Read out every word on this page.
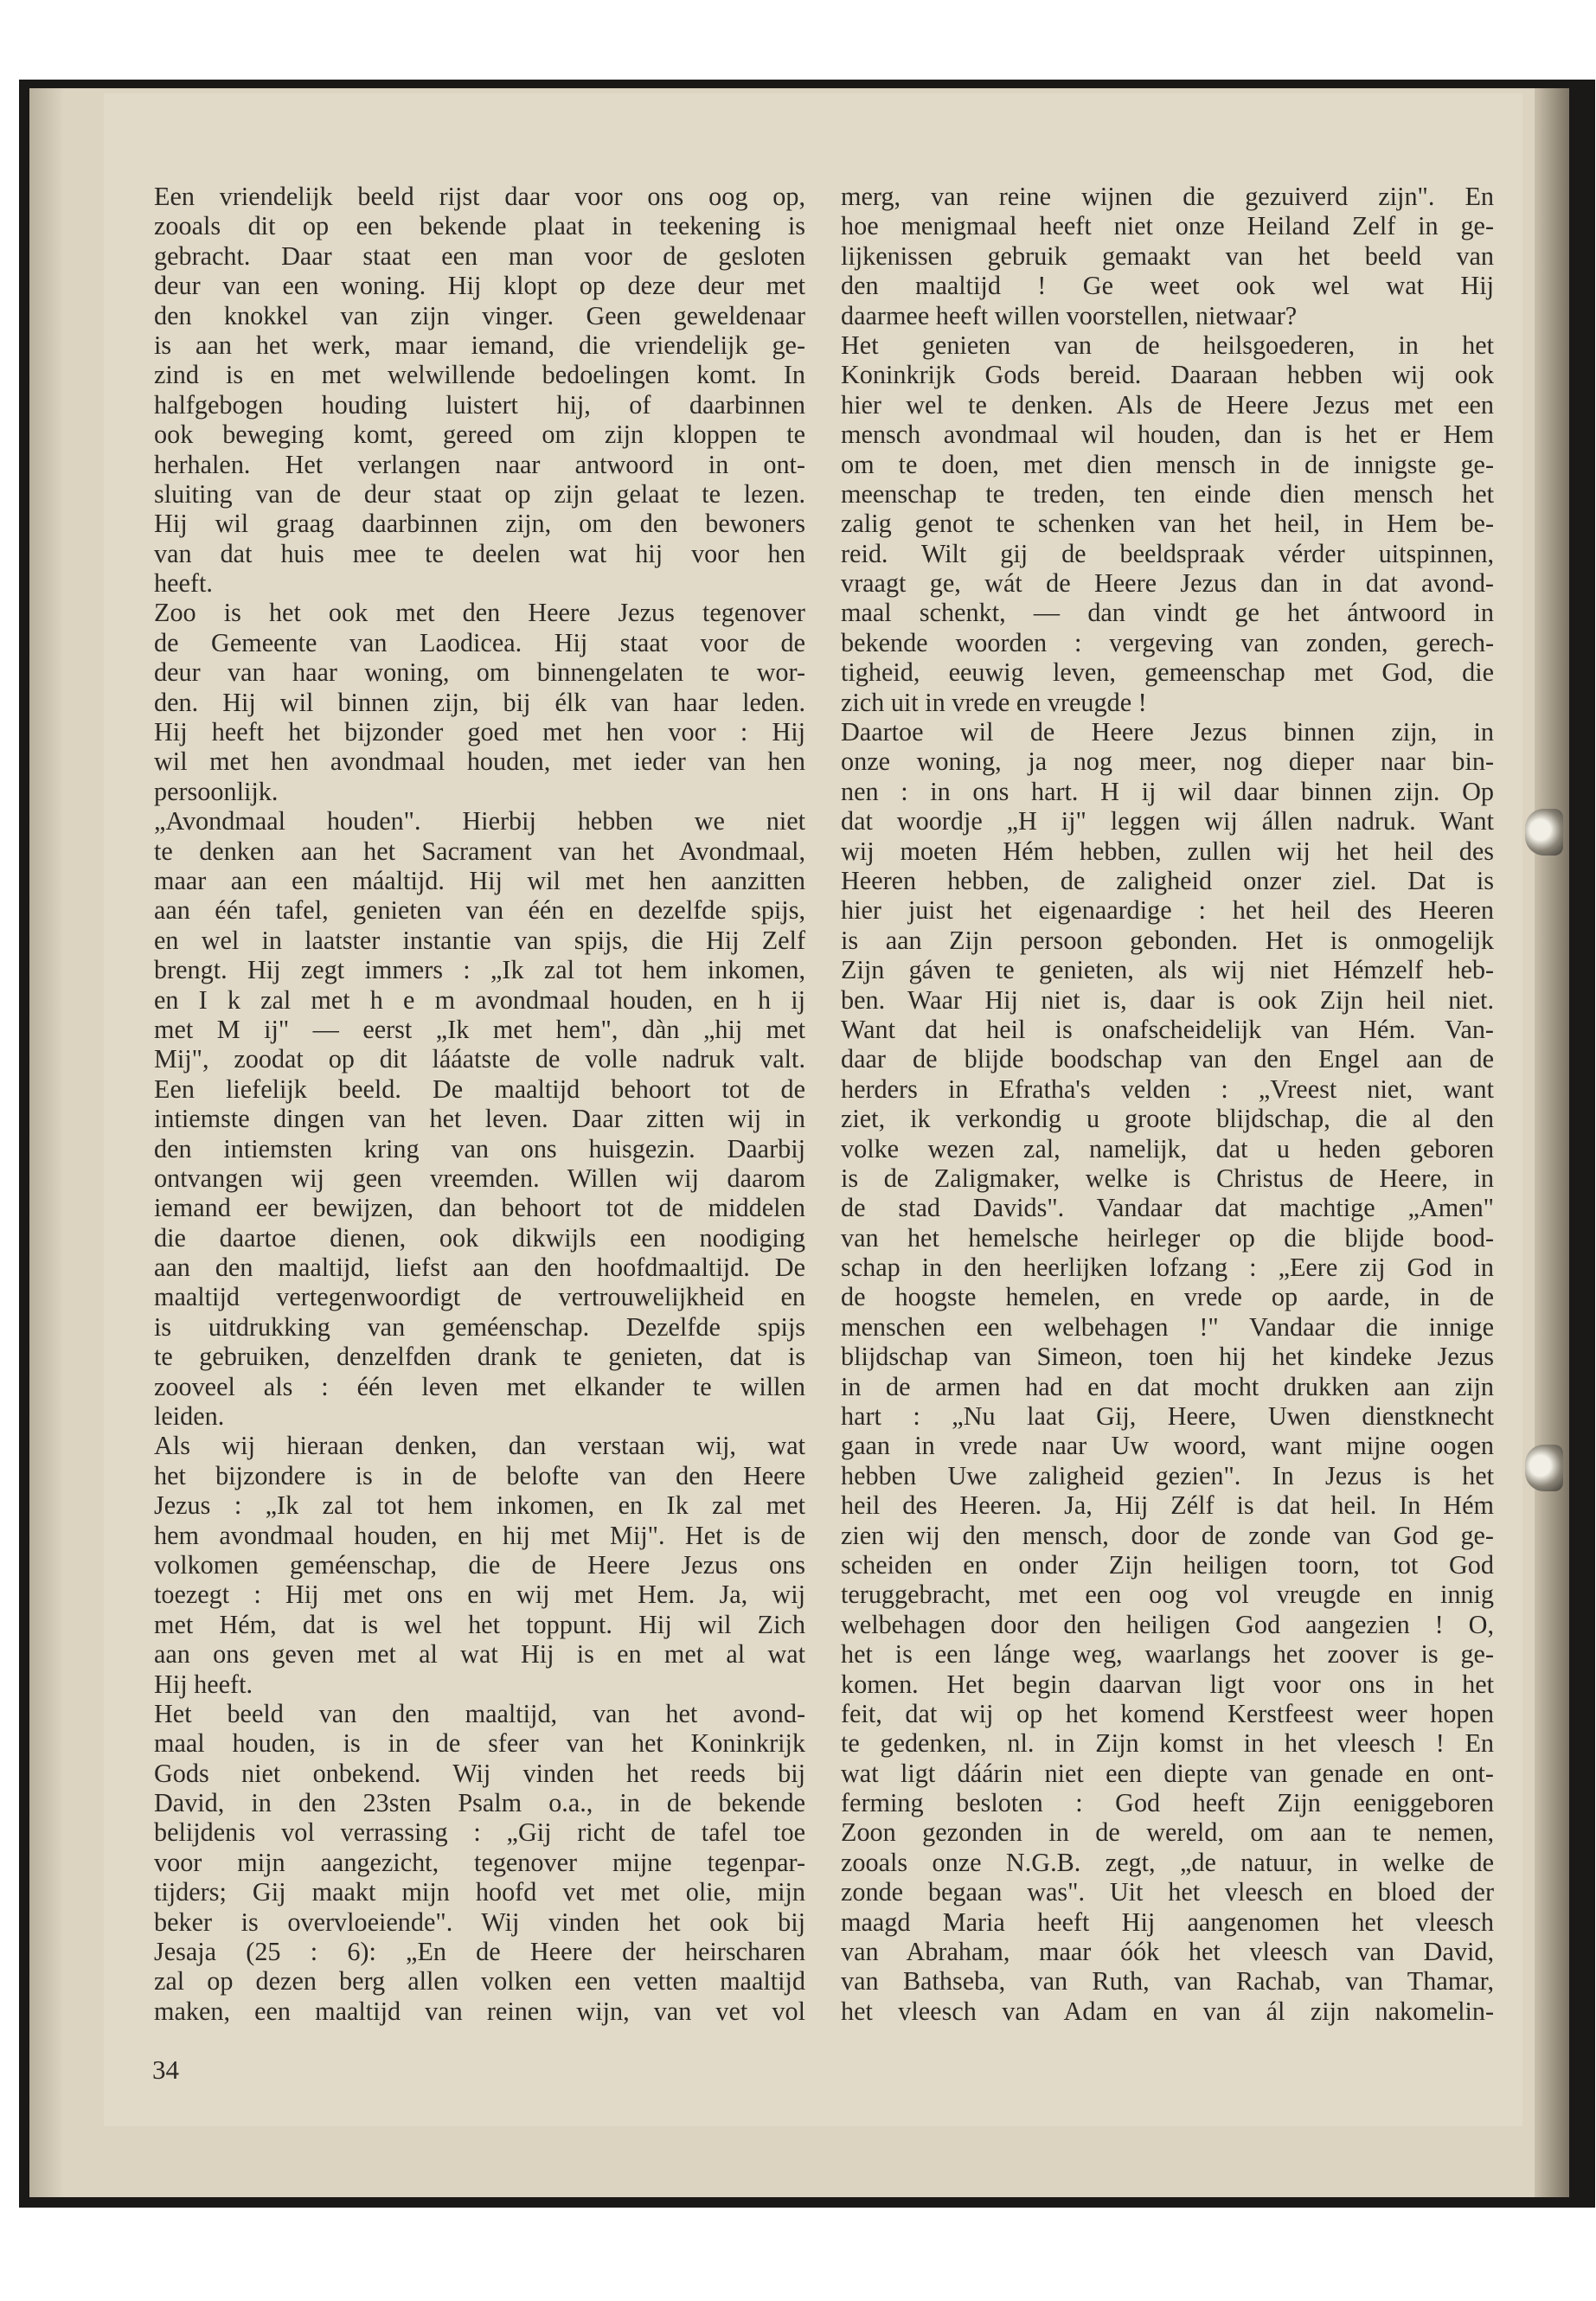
Een vriendelijk beeld rijst daar voor ons oog op,
zooals dit op een bekende plaat in teekening is
gebracht. Daar staat een man voor de gesloten
deur van een woning. Hij klopt op deze deur met
den knokkel van zijn vinger. Geen geweldenaar
is aan het werk, maar iemand, die vriendelijk ge-
zind is en met welwillende bedoelingen komt. In
halfgebogen houding luistert hij, of daarbinnen
ook beweging komt, gereed om zijn kloppen te
herhalen. Het verlangen naar antwoord in ont-
sluiting van de deur staat op zijn gelaat te lezen.
Hij wil graag daarbinnen zijn, om den bewoners
van dat huis mee te deelen wat hij voor hen
heeft.
Zoo is het ook met den Heere Jezus tegenover
de Gemeente van Laodicea. Hij staat voor de
deur van haar woning, om binnengelaten te wor-
den. Hij wil binnen zijn, bij élk van haar leden.
Hij heeft het bijzonder goed met hen voor : Hij
wil met hen avondmaal houden, met ieder van hen
persoonlijk.
„Avondmaal houden". Hierbij hebben we niet
te denken aan het Sacrament van het Avondmaal,
maar aan een máaltijd. Hij wil met hen aanzitten
aan één tafel, genieten van één en dezelfde spijs,
en wel in laatster instantie van spijs, die Hij Zelf
brengt. Hij zegt immers : „Ik zal tot hem inkomen,
en I k zal met h e m avondmaal houden, en h ij
met M ij" — eerst „Ik met hem", dàn „hij met
Mij", zoodat op dit lááatste de volle nadruk valt.
Een liefelijk beeld. De maaltijd behoort tot de
intiemste dingen van het leven. Daar zitten wij in
den intiemsten kring van ons huisgezin. Daarbij
ontvangen wij geen vreemden. Willen wij daarom
iemand eer bewijzen, dan behoort tot de middelen
die daartoe dienen, ook dikwijls een noodiging
aan den maaltijd, liefst aan den hoofdmaaltijd. De
maaltijd vertegenwoordigt de vertrouwelijkheid en
is uitdrukking van geméenschap. Dezelfde spijs
te gebruiken, denzelfden drank te genieten, dat is
zooveel als : één leven met elkander te willen
leiden.
Als wij hieraan denken, dan verstaan wij, wat
het bijzondere is in de belofte van den Heere
Jezus : „Ik zal tot hem inkomen, en Ik zal met
hem avondmaal houden, en hij met Mij". Het is de
volkomen geméenschap, die de Heere Jezus ons
toezegt : Hij met ons en wij met Hem. Ja, wij
met Hém, dat is wel het toppunt. Hij wil Zich
aan ons geven met al wat Hij is en met al wat
Hij heeft.
Het beeld van den maaltijd, van het avond-
maal houden, is in de sfeer van het Koninkrijk
Gods niet onbekend. Wij vinden het reeds bij
David, in den 23sten Psalm o.a., in de bekende
belijdenis vol verrassing : „Gij richt de tafel toe
voor mijn aangezicht, tegenover mijne tegenpar-
tijders; Gij maakt mijn hoofd vet met olie, mijn
beker is overvloeiende". Wij vinden het ook bij
Jesaja (25 : 6): „En de Heere der heirscharen
zal op dezen berg allen volken een vetten maaltijd
maken, een maaltijd van reinen wijn, van vet vol
merg, van reine wijnen die gezuiverd zijn". En
hoe menigmaal heeft niet onze Heiland Zelf in ge-
lijkenissen gebruik gemaakt van het beeld van
den maaltijd ! Ge weet ook wel wat Hij
daarmee heeft willen voorstellen, nietwaar?
Het genieten van de heilsgoederen, in het
Koninkrijk Gods bereid. Daaraan hebben wij ook
hier wel te denken. Als de Heere Jezus met een
mensch avondmaal wil houden, dan is het er Hem
om te doen, met dien mensch in de innigste ge-
meenschap te treden, ten einde dien mensch het
zalig genot te schenken van het heil, in Hem be-
reid. Wilt gij de beeldspraak vérder uitspinnen,
vraagt ge, wát de Heere Jezus dan in dat avond-
maal schenkt, — dan vindt ge het ántwoord in
bekende woorden : vergeving van zonden, gerech-
tigheid, eeuwig leven, gemeenschap met God, die
zich uit in vrede en vreugde !
Daartoe wil de Heere Jezus binnen zijn, in
onze woning, ja nog meer, nog dieper naar bin-
nen : in ons hart. H ij wil daar binnen zijn. Op
dat woordje „H ij" leggen wij állen nadruk. Want
wij moeten Hém hebben, zullen wij het heil des
Heeren hebben, de zaligheid onzer ziel. Dat is
hier juist het eigenaardige : het heil des Heeren
is aan Zijn persoon gebonden. Het is onmogelijk
Zijn gáven te genieten, als wij niet Hémzelf heb-
ben. Waar Hij niet is, daar is ook Zijn heil niet.
Want dat heil is onafscheidelijk van Hém. Van-
daar de blijde boodschap van den Engel aan de
herders in Efratha's velden : „Vreest niet, want
ziet, ik verkondig u groote blijdschap, die al den
volke wezen zal, namelijk, dat u heden geboren
is de Zaligmaker, welke is Christus de Heere, in
de stad Davids". Vandaar dat machtige „Amen"
van het hemelsche heirleger op die blijde bood-
schap in den heerlijken lofzang : „Eere zij God in
de hoogste hemelen, en vrede op aarde, in de
menschen een welbehagen !" Vandaar die innige
blijdschap van Simeon, toen hij het kindeke Jezus
in de armen had en dat mocht drukken aan zijn
hart : „Nu laat Gij, Heere, Uwen dienstknecht
gaan in vrede naar Uw woord, want mijne oogen
hebben Uwe zaligheid gezien". In Jezus is het
heil des Heeren. Ja, Hij Zélf is dat heil. In Hém
zien wij den mensch, door de zonde van God ge-
scheiden en onder Zijn heiligen toorn, tot God
teruggebracht, met een oog vol vreugde en innig
welbehagen door den heiligen God aangezien ! O,
het is een lánge weg, waarlangs het zoover is ge-
komen. Het begin daarvan ligt voor ons in het
feit, dat wij op het komend Kerstfeest weer hopen
te gedenken, nl. in Zijn komst in het vleesch ! En
wat ligt dáárin niet een diepte van genade en ont-
ferming besloten : God heeft Zijn eeniggeboren
Zoon gezonden in de wereld, om aan te nemen,
zooals onze N.G.B. zegt, „de natuur, in welke de
zonde begaan was". Uit het vleesch en bloed der
maagd Maria heeft Hij aangenomen het vleesch
van Abraham, maar óók het vleesch van David,
van Bathseba, van Ruth, van Rachab, van Thamar,
het vleesch van Adam en van ál zijn nakomelin-
34
